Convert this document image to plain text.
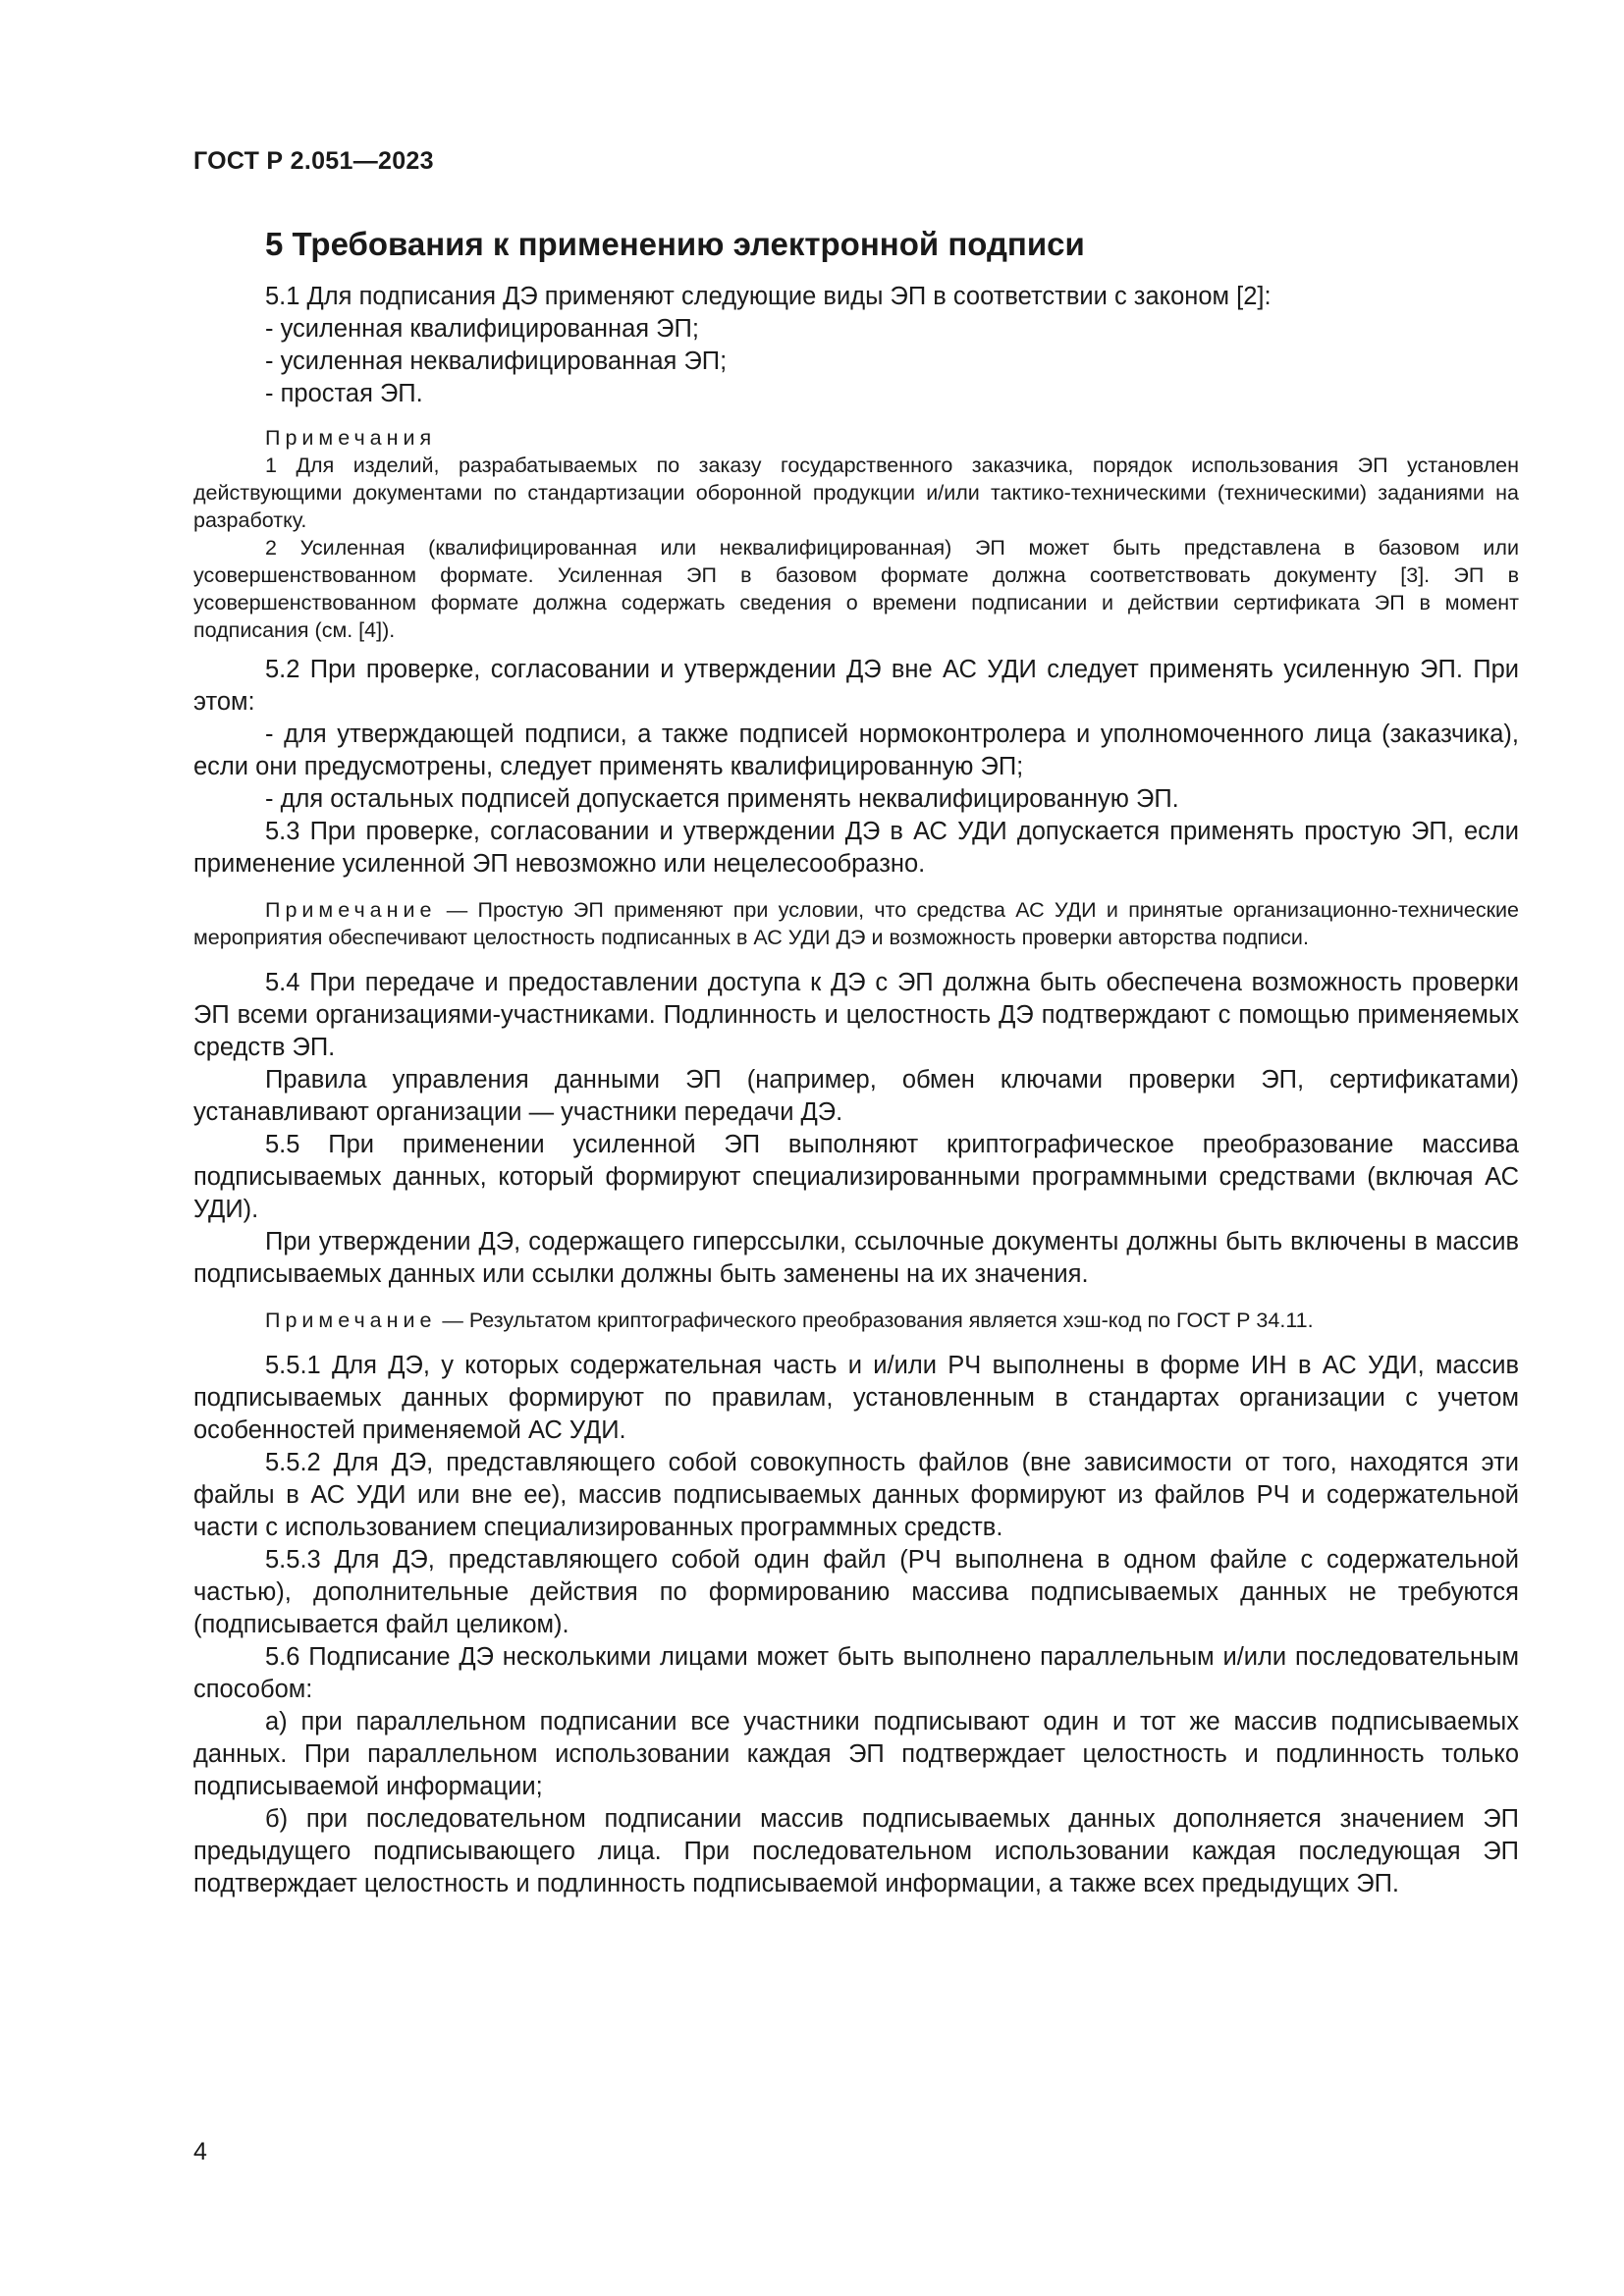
ГОСТ Р 2.051—2023
5 Требования к применению электронной подписи

5.1 Для подписания ДЭ применяют следующие виды ЭП в соответствии с законом [2]:

- усиленная квалифицированная ЭП;

- усиленная неквалифицированная ЭП;

- простая ЭП.

Примечания

1 Для изделий, разрабатываемых по заказу государственного заказчика, порядок использования ЭП установлен действующими документами по стандартизации оборонной продукции и/или тактико-техническими (техническими) заданиями на разработку.

2 Усиленная (квалифицированная или неквалифицированная) ЭП может быть представлена в базовом или усовершенствованном формате. Усиленная ЭП в базовом формате должна соответствовать документу [3]. ЭП в усовершенствованном формате должна содержать сведения о времени подписании и действии сертификата ЭП в момент подписания (см. [4]).

5.2 При проверке, согласовании и утверждении ДЭ вне АС УДИ следует применять усиленную ЭП. При этом:

- для утверждающей подписи, а также подписей нормоконтролера и уполномоченного лица (заказчика), если они предусмотрены, следует применять квалифицированную ЭП;

- для остальных подписей допускается применять неквалифицированную ЭП.

5.3 При проверке, согласовании и утверждении ДЭ в АС УДИ допускается применять простую ЭП, если применение усиленной ЭП невозможно или нецелесообразно.

Примечание — Простую ЭП применяют при условии, что средства АС УДИ и принятые организационно-технические мероприятия обеспечивают целостность подписанных в АС УДИ ДЭ и возможность проверки авторства подписи.

5.4 При передаче и предоставлении доступа к ДЭ с ЭП должна быть обеспечена возможность проверки ЭП всеми организациями-участниками. Подлинность и целостность ДЭ подтверждают с помощью применяемых средств ЭП.

Правила управления данными ЭП (например, обмен ключами проверки ЭП, сертификатами) устанавливают организации — участники передачи ДЭ.

5.5 При применении усиленной ЭП выполняют криптографическое преобразование массива подписываемых данных, который формируют специализированными программными средствами (включая АС УДИ).

При утверждении ДЭ, содержащего гиперссылки, ссылочные документы должны быть включены в массив подписываемых данных или ссылки должны быть заменены на их значения.

Примечание — Результатом криптографического преобразования является хэш-код по ГОСТ Р 34.11.

5.5.1 Для ДЭ, у которых содержательная часть и и/или РЧ выполнены в форме ИН в АС УДИ, массив подписываемых данных формируют по правилам, установленным в стандартах организации с учетом особенностей применяемой АС УДИ.

5.5.2 Для ДЭ, представляющего собой совокупность файлов (вне зависимости от того, находятся эти файлы в АС УДИ или вне ее), массив подписываемых данных формируют из файлов РЧ и содержательной части с использованием специализированных программных средств.

5.5.3 Для ДЭ, представляющего собой один файл (РЧ выполнена в одном файле с содержательной частью), дополнительные действия по формированию массива подписываемых данных не требуются (подписывается файл целиком).

5.6 Подписание ДЭ несколькими лицами может быть выполнено параллельным и/или последовательным способом:

а) при параллельном подписании все участники подписывают один и тот же массив подписываемых данных. При параллельном использовании каждая ЭП подтверждает целостность и подлинность только подписываемой информации;

б) при последовательном подписании массив подписываемых данных дополняется значением ЭП предыдущего подписывающего лица. При последовательном использовании каждая последующая ЭП подтверждает целостность и подлинность подписываемой информации, а также всех предыдущих ЭП.

4
